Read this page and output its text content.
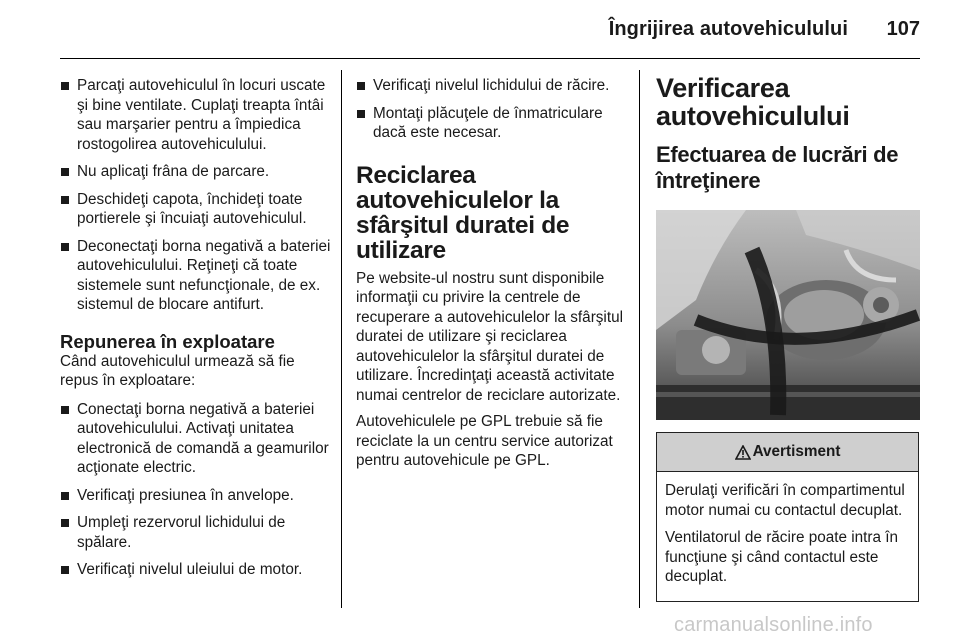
Îngrijirea autovehiculului 107
Parcaţi autovehiculul în locuri uscate şi bine ventilate. Cuplaţi treapta întâi sau marşarier pentru a împiedica rostogolirea autovehiculului.
Nu aplicaţi frâna de parcare.
Deschideţi capota, închideţi toate portierele şi încuiaţi autovehiculul.
Deconectaţi borna negativă a bateriei autovehiculului. Reţineţi că toate sistemele sunt nefuncţionale, de ex. sistemul de blocare antifurt.
Repunerea în exploatare

Când autovehiculul urmează să fie repus în exploatare:

Conectaţi borna negativă a bateriei autovehiculului. Activaţi unitatea electronică de comandă a geamurilor acţionate electric.
Verificaţi presiunea în anvelope.
Umpleţi rezervorul lichidului de spălare.
Verificaţi nivelul uleiului de motor.
Verificaţi nivelul lichidului de răcire.
Montaţi plăcuţele de înmatriculare dacă este necesar.
Reciclarea autovehiculelor la sfârşitul duratei de utilizare

Pe website-ul nostru sunt disponibile informaţii cu privire la centrele de recuperare a autovehiculelor la sfârşitul duratei de utilizare şi reciclarea autovehiculelor la sfârşitul duratei de utilizare. Încredinţaţi această activitate numai centrelor de reciclare autorizate.

Autovehiculele pe GPL trebuie să fie reciclate la un centru service autorizat pentru autovehicule pe GPL.

Verificarea autovehiculului
Efectuarea de lucrări de întreţinere
Avertisment

Derulaţi verificări în compartimentul motor numai cu contactul decuplat.

Ventilatorul de răcire poate intra în funcţiune şi când contactul este decuplat.

carmanualsonline.info
